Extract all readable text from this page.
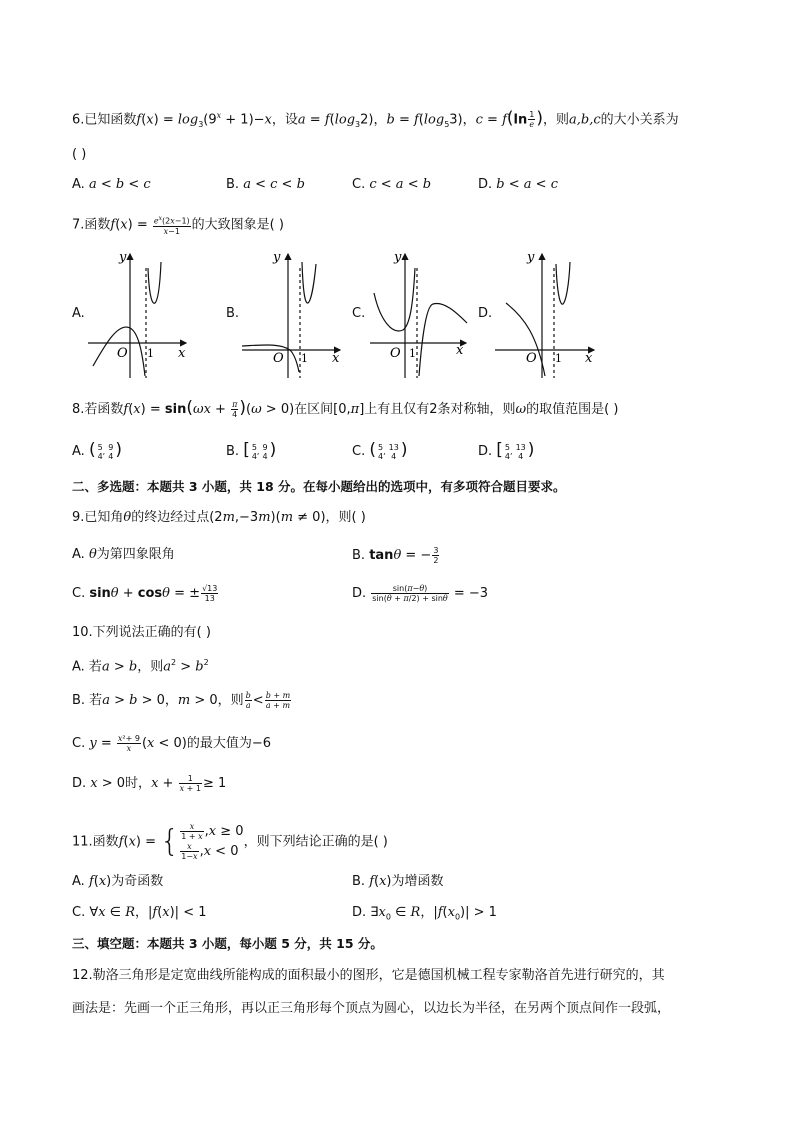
6.已知函数$f(x) = \log_3(9^x + 1)-x$，设$a = f(\log_32)$，$b = f(\log_53)$，$c = f(\ln \frac{1}{e}$ )，则a,b,c的大小关系为
( )
A. a < b < c	B. a < c < b	C. c < a < b	D. b < a < c
7.函数$f(x) = \frac{e^x(2x-1)}{x-1}$ 的大致图象是( )
A.	B.	C.	D.
y
x
O 1
y
x
O 1
y
x
O 1
y
x
O 1
8.若函数$f(x) = \sin(\omega x + \frac{\pi}{4} )(\omega > 0)$在区间[0,π]上有且仅有2条对称轴，则ω的取值范围是( )
A. ( 5
4 , 9
4 )	B. [ 5
4 , 9
4 )	C. ( 5
4 , 13
4 )	D. [ 5
4 , 13
4 )
二、多选题：本题共 3 小题，共 18 分。在每小题给出的选项中，有多项符合题目要求。
9.已知角θ的终边经过点(2m,−3m)(m ≠ 0)，则( )
A. θ为第四象限角	B. tanθ = − $\frac{3}{2}$
C. sinθ + cosθ = ± $\frac{√13}{13}$	D. $\frac{\sin(\pi-\theta)}{\sin(\theta + \pi/2) + \sin\theta} = -3$
10.下列说法正确的有( )
A. 若a > b，则$a^2 > b^2$
B. 若a > b > 0，m > 0，则 $\frac{b}{a} < \frac{b + m}{a + m}$
C. $y = \frac{\text{x²+ 9}}{x} (x < 0)$的最大值为−6
D. x > 0时，$x + \frac{1}{x + 1} \ge 1$
11.函数f(x) = { $\frac{x}{1 + x} ,x \ge 0$
$\frac{x}{1-x} ,x < 0$
，则下列结论正确的是( )
A. f(x)为奇函数	B. f(x)为增函数
C. ∀x ∈ R，|f(x)| < 1	D. $\exists x_0$ ∈ R，$|f(x_0)| > 1$
三、填空题：本题共 3 小题，每小题 5 分，共 15 分。
12.勒洛三角形是定宽曲线所能构成的面积最小的图形，它是德国机械工程专家勒洛首先进行研究的，其
画法是：先画一个正三角形，再以正三角形每个顶点为圆心，以边长为半径，在另两个顶点间作一段弧，
